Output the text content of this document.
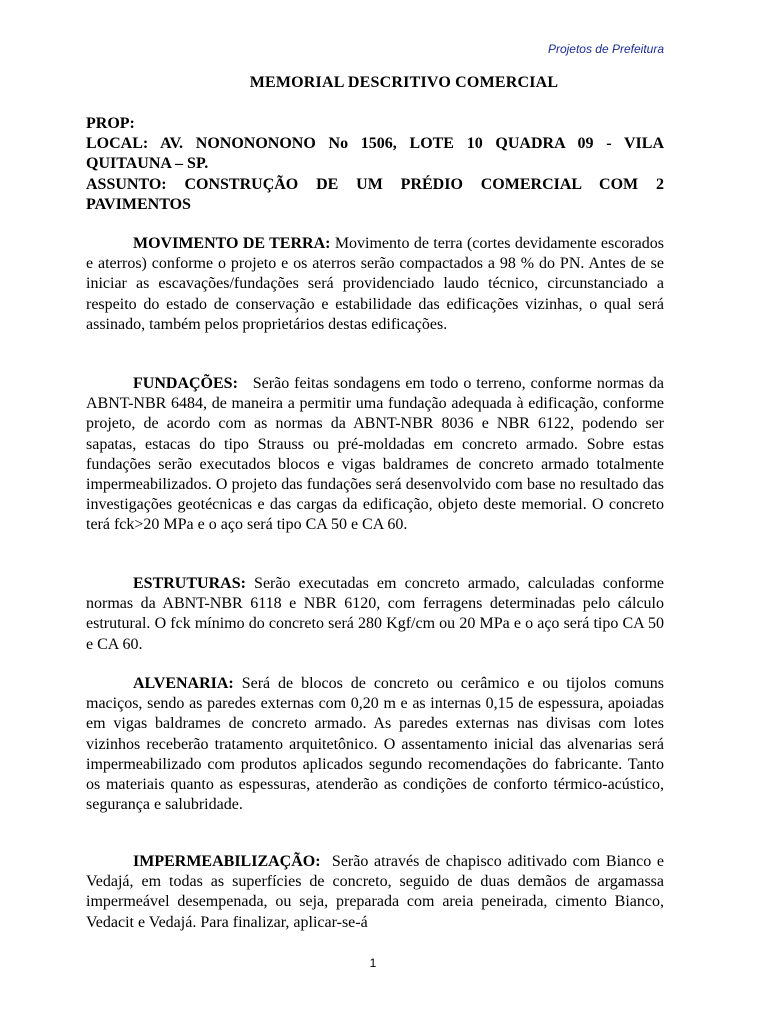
Projetos de Prefeitura
MEMORIAL DESCRITIVO COMERCIAL

PROP:

LOCAL: AV. NONONONONO No 1506, LOTE 10 QUADRA 09 - VILA QUITAUNA – SP.

ASSUNTO: CONSTRUÇÃO DE UM PRÉDIO COMERCIAL COM 2 PAVIMENTOS

MOVIMENTO DE TERRA: Movimento de terra (cortes devidamente escorados e aterros) conforme o projeto e os aterros serão compactados a 98 % do PN. Antes de se iniciar as escavações/fundações será providenciado laudo técnico, circunstanciado a respeito do estado de conservação e estabilidade das edificações vizinhas, o qual será assinado, também pelos proprietários destas edificações.

FUNDAÇÕES:   Serão feitas sondagens em todo o terreno, conforme normas da ABNT-NBR 6484, de maneira a permitir uma fundação adequada à edificação, conforme projeto, de acordo com as normas da ABNT-NBR 8036 e NBR 6122, podendo ser sapatas, estacas do tipo Strauss ou pré-moldadas em concreto armado. Sobre estas fundações serão executados blocos e vigas baldrames de concreto armado totalmente impermeabilizados. O projeto das fundações será desenvolvido com base no resultado das investigações geotécnicas e das cargas da edificação, objeto deste memorial. O concreto terá fck>20 MPa e o aço será tipo CA 50 e CA 60.

ESTRUTURAS: Serão executadas em concreto armado, calculadas conforme normas da ABNT-NBR 6118 e NBR 6120, com ferragens determinadas pelo cálculo estrutural. O fck mínimo do concreto será 280 Kgf/cm ou 20 MPa e o aço será tipo CA 50 e CA 60.

ALVENARIA: Será de blocos de concreto ou cerâmico e ou tijolos comuns maciços, sendo as paredes externas com 0,20 m e as internas 0,15 de espessura, apoiadas em vigas baldrames de concreto armado. As paredes externas nas divisas com lotes vizinhos receberão tratamento arquitetônico. O assentamento inicial das alvenarias será impermeabilizado com produtos aplicados segundo recomendações do fabricante. Tanto os materiais quanto as espessuras, atenderão as condições de conforto térmico-acústico, segurança e salubridade.

IMPERMEABILIZAÇÃO:  Serão através de chapisco aditivado com Bianco e Vedajá, em todas as superfícies de concreto, seguido de duas demãos de argamassa impermeável desempenada, ou seja, preparada com areia peneirada, cimento Bianco, Vedacit e Vedajá. Para finalizar, aplicar-se-á

1
